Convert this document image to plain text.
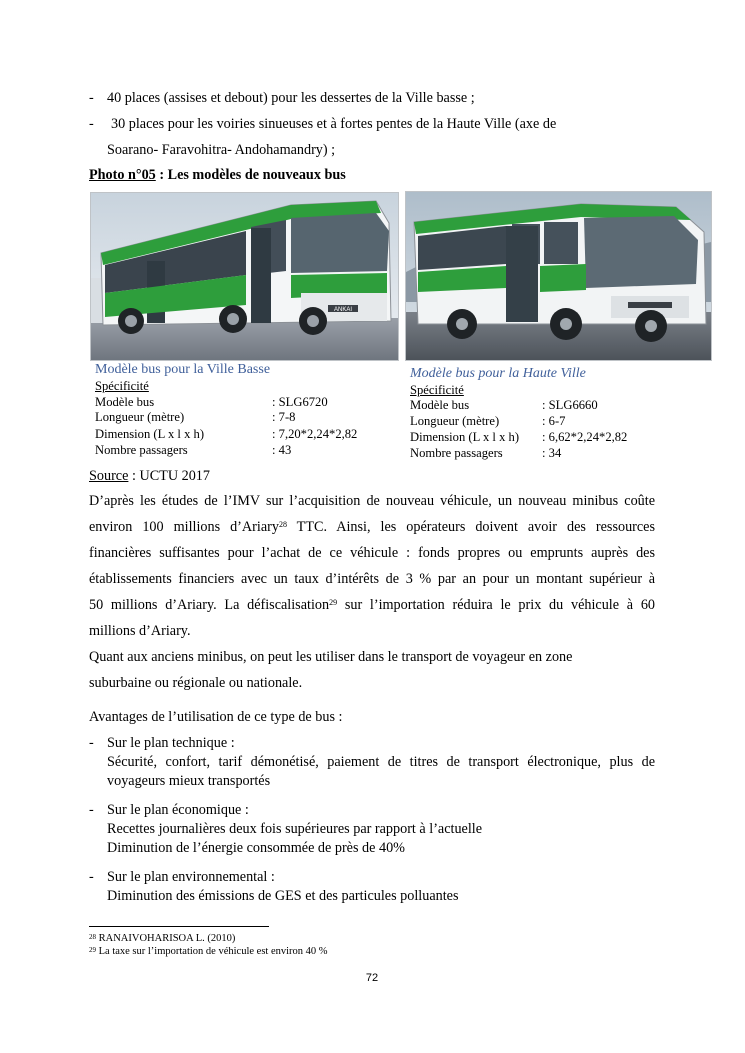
- 40 places (assises et debout) pour les dessertes de la Ville basse ;
- 30 places pour les voiries sinueuses et à fortes pentes de la Haute Ville (axe de
Soarano- Faravohitra- Andohamandry) ;
Photo n°05 : Les modèles de nouveaux bus
ANKAI
Modèle bus pour la Ville Basse
Spécificité
Modèle bus	: SLG6720
Longueur (mètre)	: 7-8
Dimension (L x l x h)	: 7,20*2,24*2,82
Nombre passagers	: 43
Modèle bus pour la Haute Ville
Spécificité
Modèle bus	: SLG6660
Longueur (mètre)	: 6-7
Dimension (L x l x h) : 6,62*2,24*2,82
Nombre passagers	: 34
Source : UCTU 2017
D’après les études de l’IMV sur l’acquisition de nouveau véhicule, un nouveau minibus coûte
environ 100 millions d’Ariary$^{28}$ TTC. Ainsi, les opérateurs doivent avoir des ressources
financières suffisantes pour l’achat de ce véhicule : fonds propres ou emprunts auprès des
établissements financiers avec un taux d’intérêts de 3 % par an pour un montant supérieur à
50 millions d’Ariary. La défiscalisation$^{29}$ sur l’importation réduira le prix du véhicule à 60
millions d’Ariary.
Quant aux anciens minibus, on peut les utiliser dans le transport de voyageur en zone
suburbaine ou régionale ou nationale.
Avantages de l’utilisation de ce type de bus :
- Sur le plan technique :
Sécurité, confort, tarif démonétisé, paiement de titres de transport électronique, plus de
voyageurs mieux transportés
- Sur le plan économique :
Recettes journalières deux fois supérieures par rapport à l’actuelle
Diminution de l’énergie consommée de près de 40%
- Sur le plan environnemental :
Diminution des émissions de GES et des particules polluantes
$^{28}$ RANAIVOHARISOA L. (2010)
$^{29}$ La taxe sur l’importation de véhicule est environ 40 %
72
